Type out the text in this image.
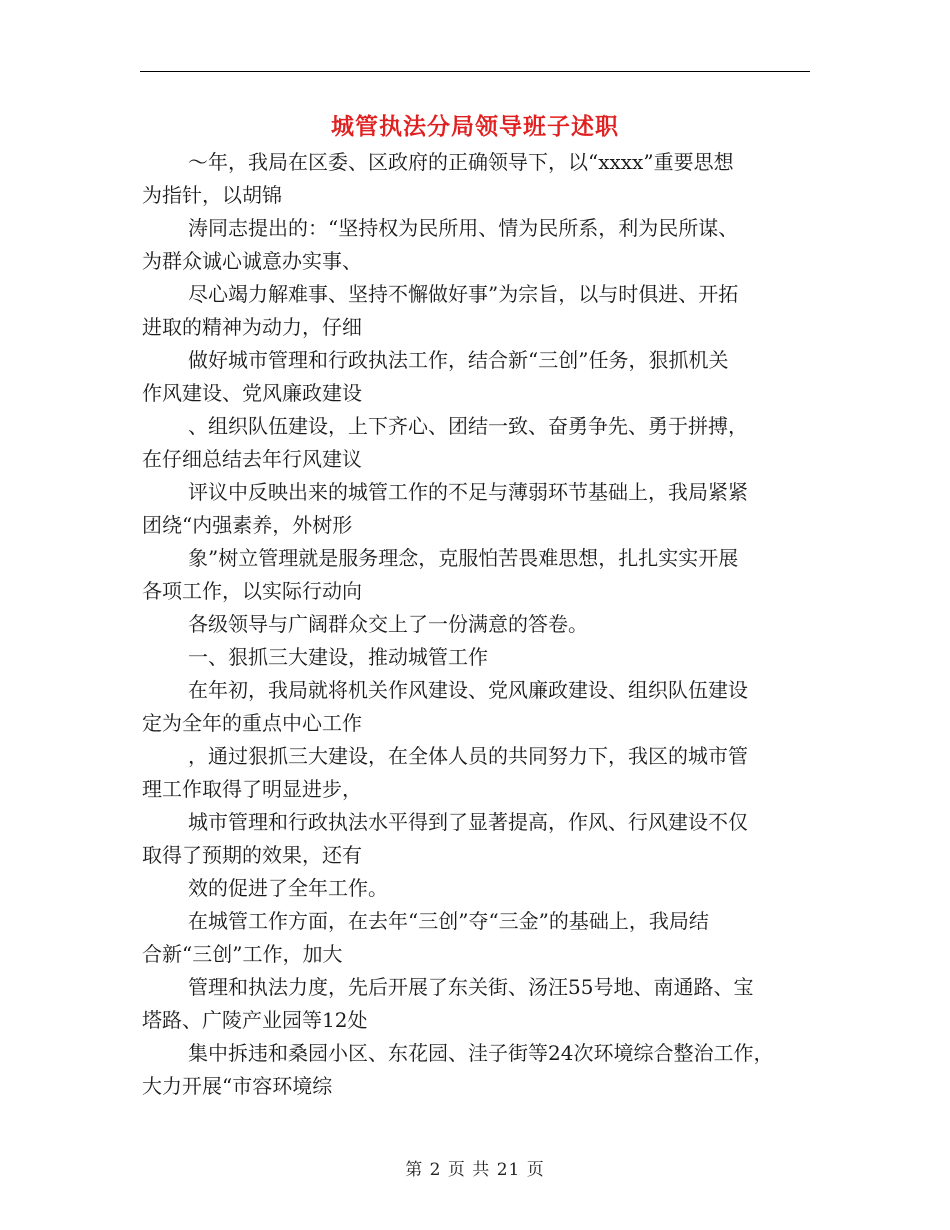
城管执法分局领导班子述职

～年，我局在区委、区政府的正确领导下，以“xxxx”重要思想
为指针，以胡锦

涛同志提出的：“坚持权为民所用、情为民所系，利为民所谋、
为群众诚心诚意办实事、

尽心竭力解难事、坚持不懈做好事”为宗旨，以与时俱进、开拓
进取的精神为动力，仔细

做好城市管理和行政执法工作，结合新“三创”任务，狠抓机关
作风建设、党风廉政建设

、组织队伍建设，上下齐心、团结一致、奋勇争先、勇于拼搏，
在仔细总结去年行风建议

评议中反映出来的城管工作的不足与薄弱环节基础上，我局紧紧
团绕“内强素养，外树形

象”树立管理就是服务理念，克服怕苦畏难思想，扎扎实实开展
各项工作，以实际行动向

各级领导与广阔群众交上了一份满意的答卷。

一、狠抓三大建设，推动城管工作

在年初，我局就将机关作风建设、党风廉政建设、组织队伍建设
定为全年的重点中心工作

，通过狠抓三大建设，在全体人员的共同努力下，我区的城市管
理工作取得了明显进步，

城市管理和行政执法水平得到了显著提高，作风、行风建设不仅
取得了预期的效果，还有

效的促进了全年工作。

在城管工作方面，在去年“三创”夺“三金”的基础上，我局结
合新“三创”工作，加大

管理和执法力度，先后开展了东关街、汤汪55号地、南通路、宝
塔路、广陵产业园等12处

集中拆违和桑园小区、东花园、洼子街等24次环境综合整治工作，
大力开展“市容环境综

第 2 页 共 21 页
